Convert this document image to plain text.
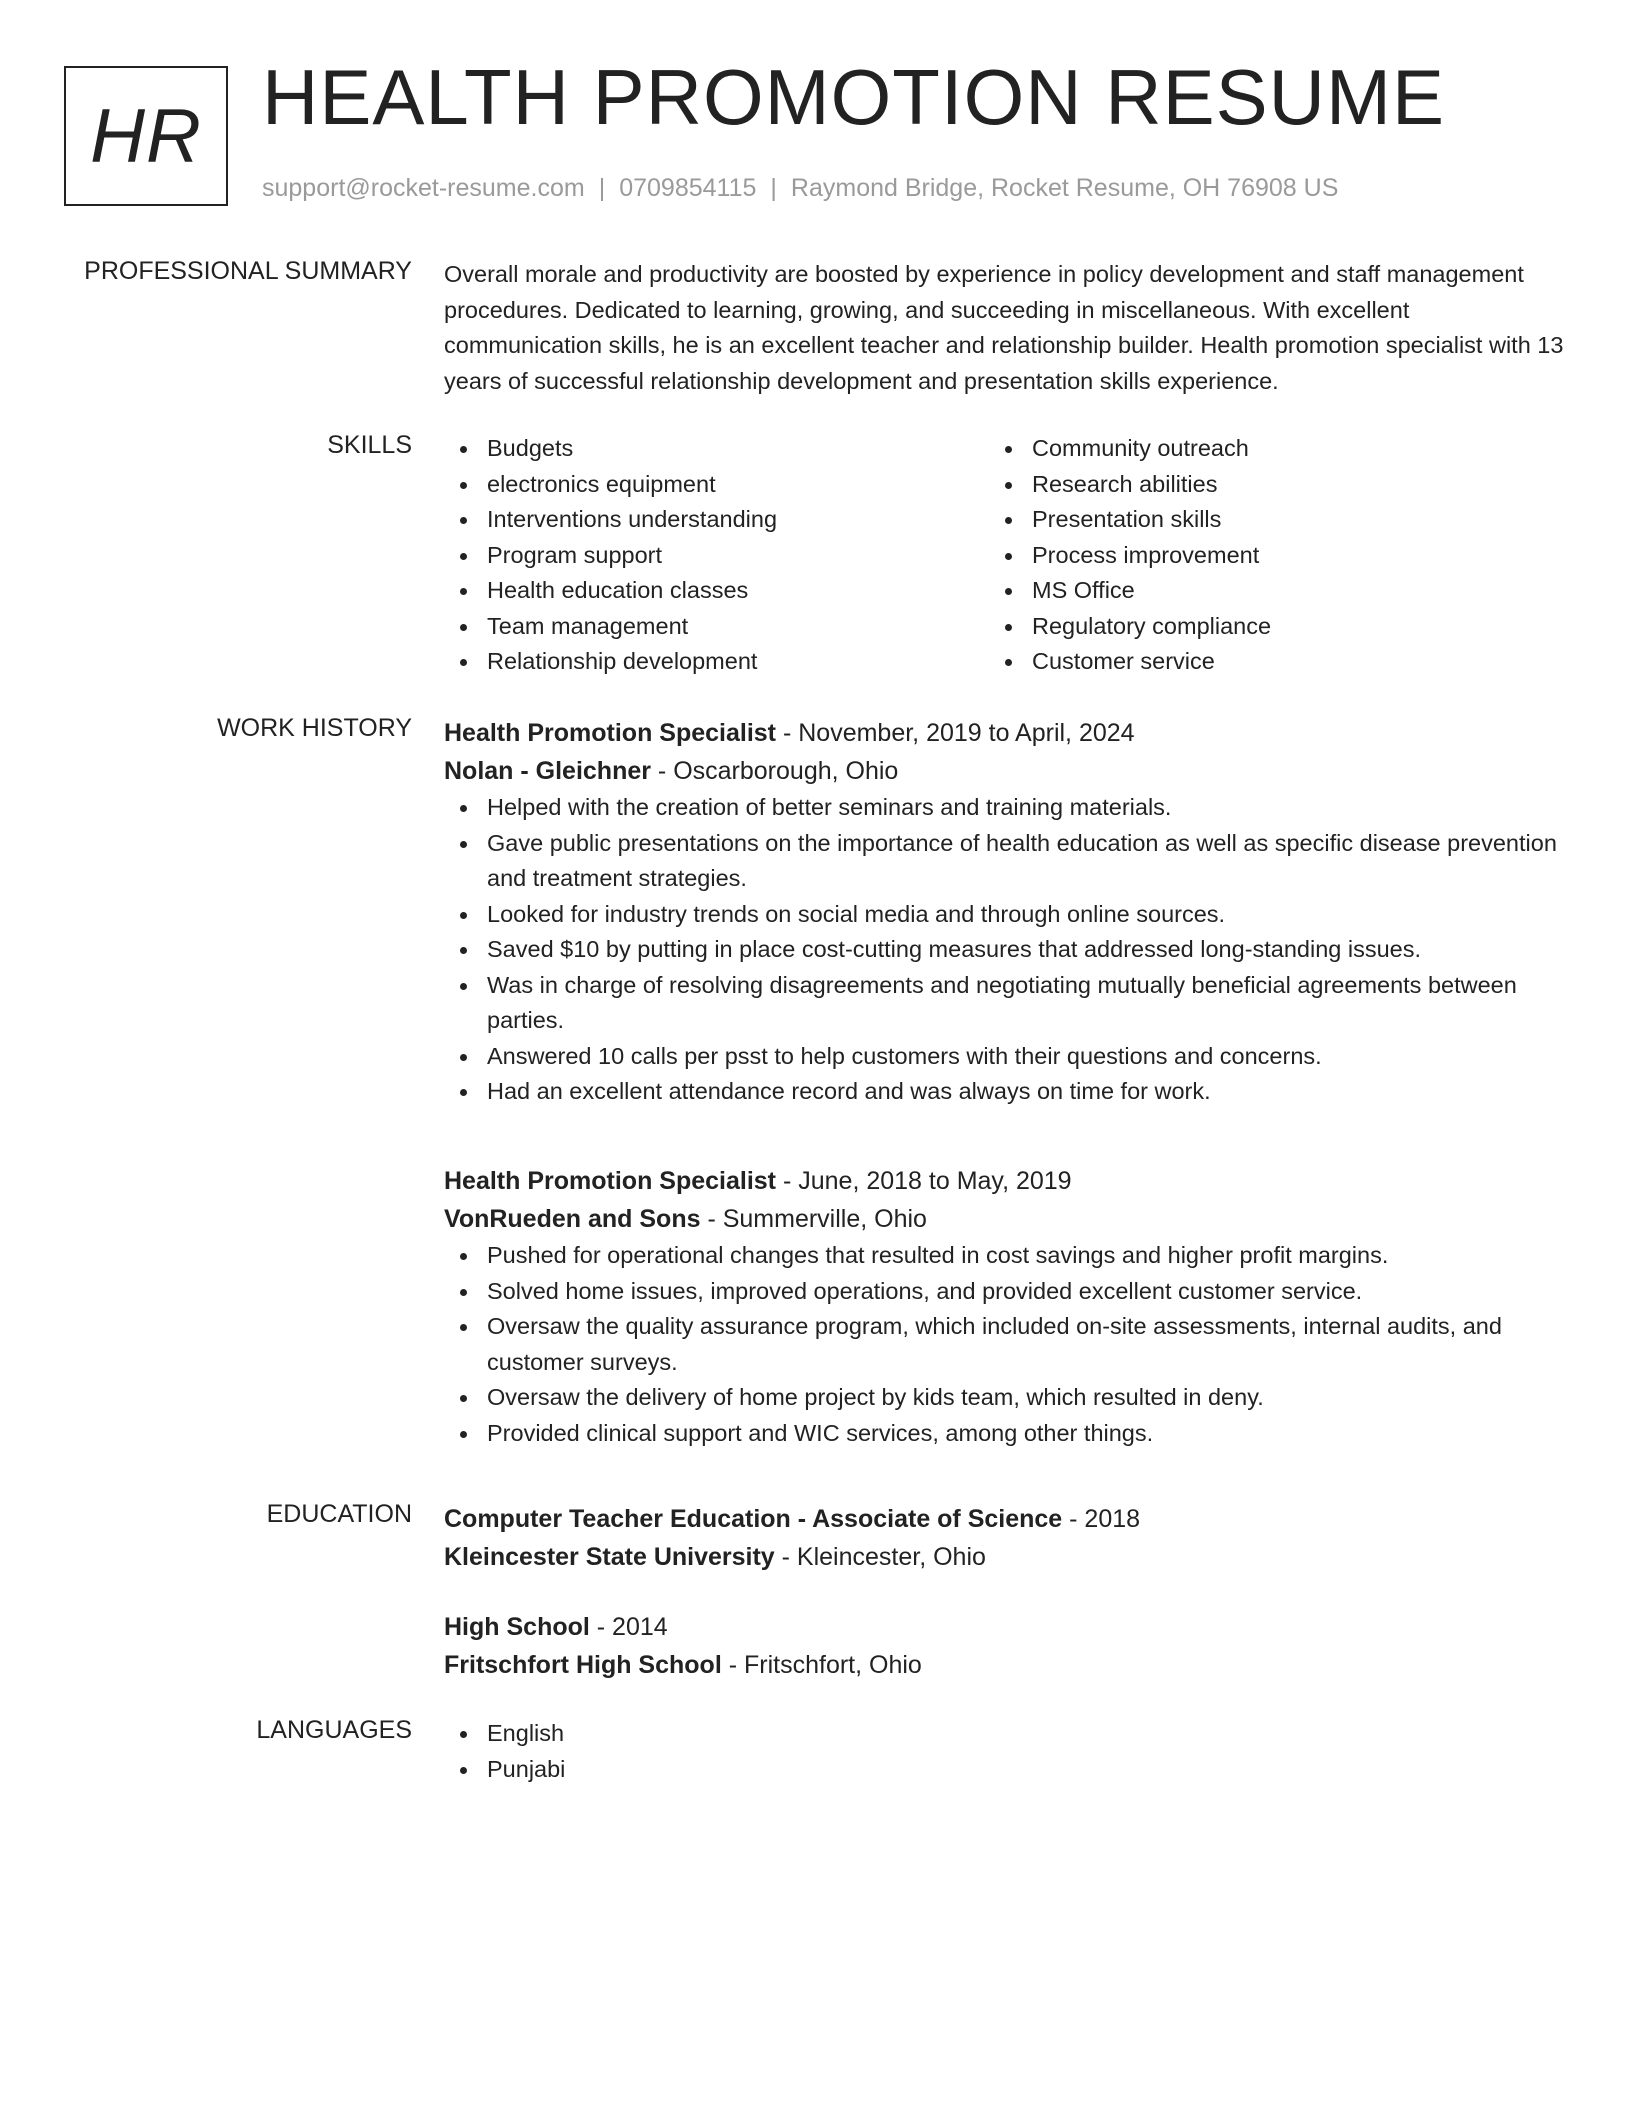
HR HEALTH PROMOTION RESUME
support@rocket-resume.com | 0709854115 | Raymond Bridge, Rocket Resume, OH 76908 US
PROFESSIONAL SUMMARY Overall morale and productivity are boosted by experience in policy development and staff management procedures. Dedicated to learning, growing, and succeeding in miscellaneous. With excellent communication skills, he is an excellent teacher and relationship builder. Health promotion specialist with 13 years of successful relationship development and presentation skills experience.

SKILLS	Budgets
electronics equipment
Interventions understanding
Program support
Health education classes
Team management
Relationship development
Community outreach
Research abilities
Presentation skills
Process improvement
MS Office
Regulatory compliance
Customer service
WORK HISTORY Health Promotion Specialist - November, 2019 to April, 2024
Nolan - Gleichner - Oscarborough, Ohio
Helped with the creation of better seminars and training materials.
Gave public presentations on the importance of health education as well as specific disease prevention and treatment strategies.
Looked for industry trends on social media and through online sources.
Saved $10 by putting in place cost-cutting measures that addressed long-standing issues.
Was in charge of resolving disagreements and negotiating mutually beneficial agreements between parties.
Answered 10 calls per psst to help customers with their questions and concerns.
Had an excellent attendance record and was always on time for work.
Health Promotion Specialist - June, 2018 to May, 2019
VonRueden and Sons - Summerville, Ohio
Pushed for operational changes that resulted in cost savings and higher profit margins.
Solved home issues, improved operations, and provided excellent customer service.
Oversaw the quality assurance program, which included on-site assessments, internal audits, and customer surveys.
Oversaw the delivery of home project by kids team, which resulted in deny.
Provided clinical support and WIC services, among other things.
EDUCATION Computer Teacher Education - Associate of Science - 2018
Kleincester State University - Kleincester, Ohio
High School - 2014
Fritschfort High School - Fritschfort, Ohio
LANGUAGES	English
Punjabi
